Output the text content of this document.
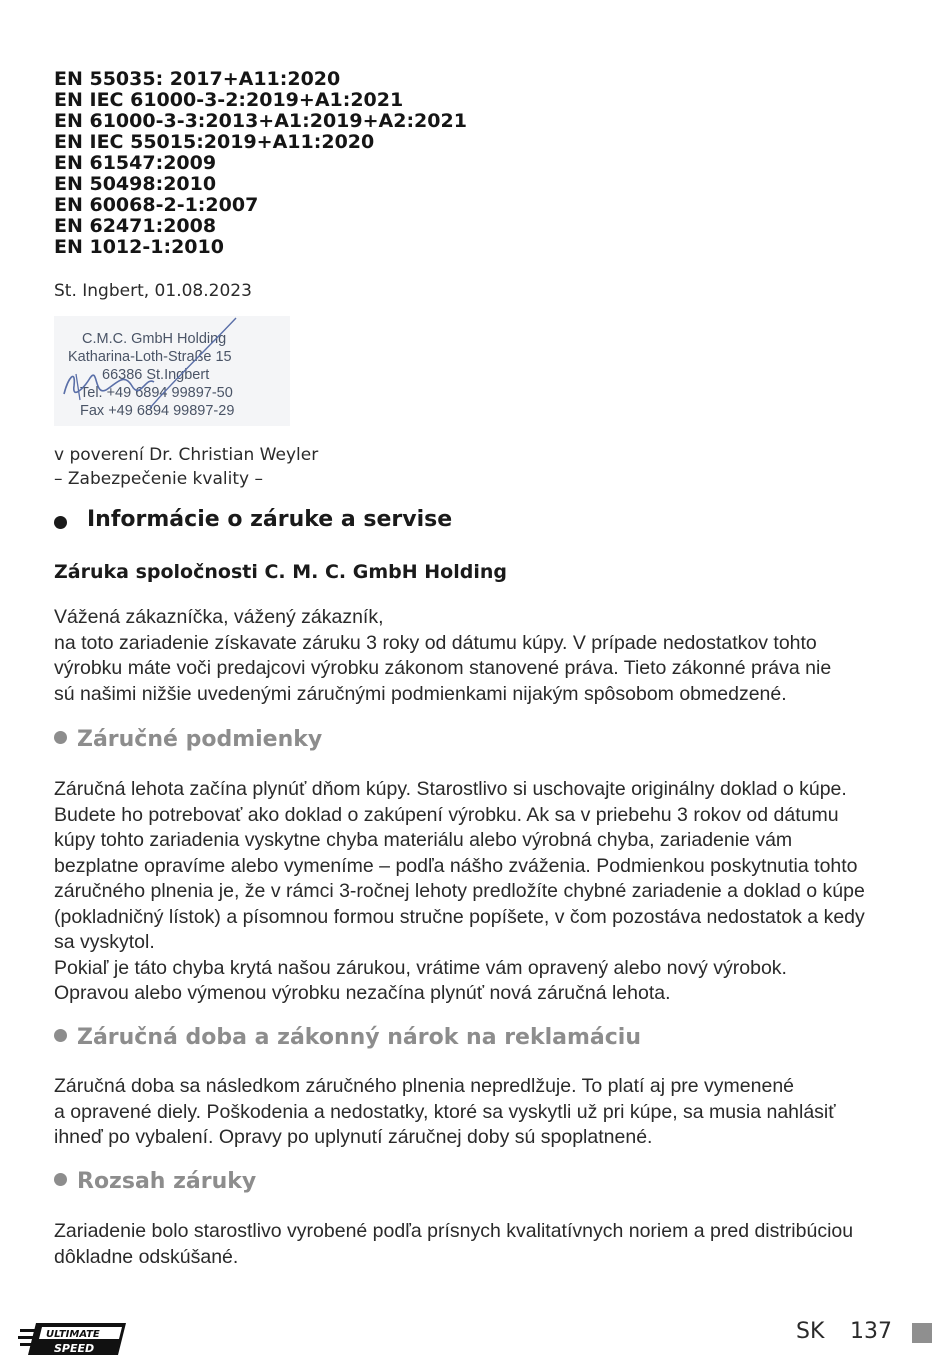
EN 55035: 2017+A11:2020
EN IEC 61000-3-2:2019+A1:2021
EN 61000-3-3:2013+A1:2019+A2:2021
EN IEC 55015:2019+A11:2020
EN 61547:2009
EN 50498:2010
EN 60068-2-1:2007
EN 62471:2008
EN 1012-1:2010
St. Ingbert, 01.08.2023
C.M.C. GmbH Holding
Katharina-Loth-Straße 15
66386 St.Ingbert
Tel. +49 6894 99897-50
Fax +49 6894 99897-29
v poverení Dr. Christian Weyler
– Zabezpečenie kvality –
Informácie o záruke a servise
Záruka spoločnosti C. M. C. GmbH Holding
Vážená zákazníčka, vážený zákazník,
na toto zariadenie získavate záruku 3 roky od dátumu kúpy. V prípade nedostatkov tohto
výrobku máte voči predajcovi výrobku zákonom stanovené práva. Tieto zákonné práva nie
sú našimi nižšie uvedenými záručnými podmienkami nijakým spôsobom obmedzené.
Záručné podmienky
Záručná lehota začína plynúť dňom kúpy. Starostlivo si uschovajte originálny doklad o kúpe.
Budete ho potrebovať ako doklad o zakúpení výrobku. Ak sa v priebehu 3 rokov od dátumu
kúpy tohto zariadenia vyskytne chyba materiálu alebo výrobná chyba, zariadenie vám
bezplatne opravíme alebo vymeníme – podľa nášho zváženia. Podmienkou poskytnutia tohto
záručného plnenia je, že v rámci 3-ročnej lehoty predložíte chybné zariadenie a doklad o kúpe
(pokladničný lístok) a písomnou formou stručne popíšete, v čom pozostáva nedostatok a kedy
sa vyskytol.
Pokiaľ je táto chyba krytá našou zárukou, vrátime vám opravený alebo nový výrobok.
Opravou alebo výmenou výrobku nezačína plynúť nová záručná lehota.
Záručná doba a zákonný nárok na reklamáciu
Záručná doba sa následkom záručného plnenia nepredlžuje. To platí aj pre vymenené
a opravené diely. Poškodenia a nedostatky, ktoré sa vyskytli už pri kúpe, sa musia nahlásiť
ihneď po vybalení. Opravy po uplynutí záručnej doby sú spoplatnené.
Rozsah záruky
Zariadenie bolo starostlivo vyrobené podľa prísnych kvalitatívnych noriem a pred distribúciou
dôkladne odskúšané.
ULTIMATE
SPEED
SK 137
